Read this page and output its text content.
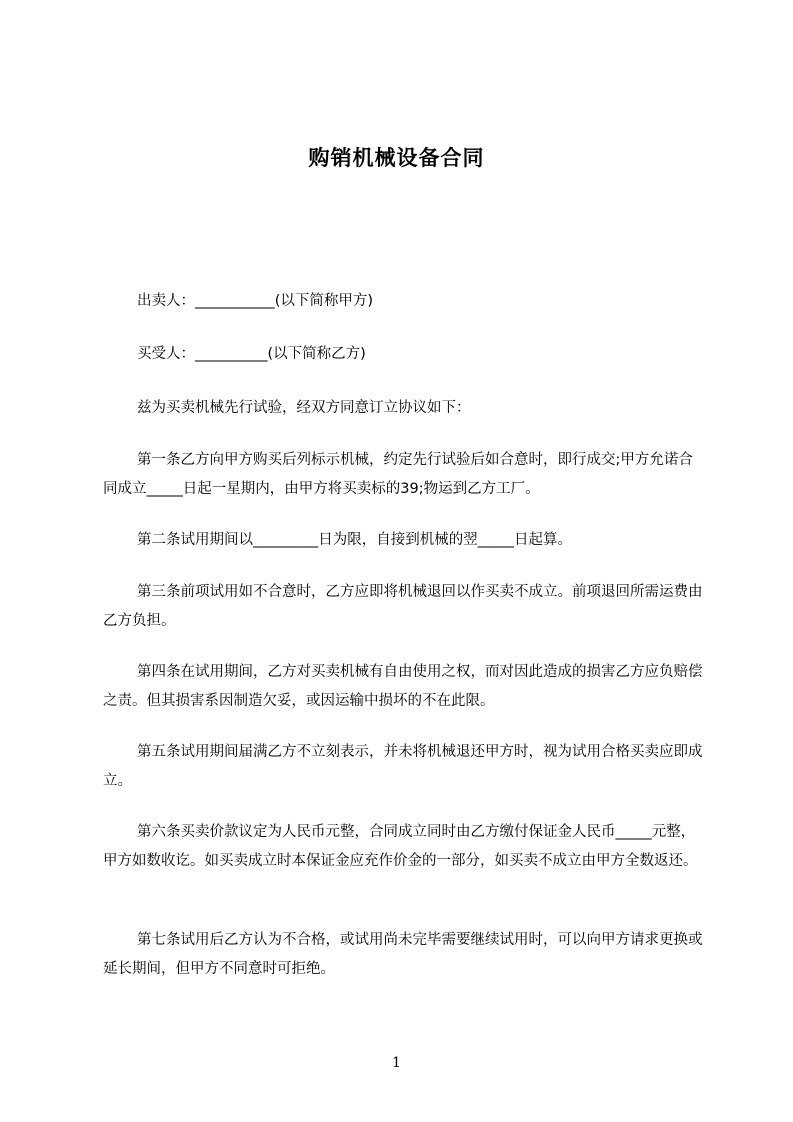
购销机械设备合同
出卖人：___________(以下简称甲方)
买受人：__________(以下简称乙方)
兹为买卖机械先行试验，经双方同意订立协议如下：
第一条乙方向甲方购买后列标示机械，约定先行试验后如合意时，即行成交;甲方允诺合同成立_____日起一星期内，由甲方将买卖标的39;物运到乙方工厂。
第二条试用期间以_________日为限，自接到机械的翌_____日起算。
第三条前项试用如不合意时，乙方应即将机械退回以作买卖不成立。前项退回所需运费由乙方负担。
第四条在试用期间，乙方对买卖机械有自由使用之权，而对因此造成的损害乙方应负赔偿之责。但其损害系因制造欠妥，或因运输中损坏的不在此限。
第五条试用期间届满乙方不立刻表示，并未将机械退还甲方时，视为试用合格买卖应即成立。
第六条买卖价款议定为人民币元整，合同成立同时由乙方缴付保证金人民币_____元整，甲方如数收讫。如买卖成立时本保证金应充作价金的一部分，如买卖不成立由甲方全数返还。
第七条试用后乙方认为不合格，或试用尚未完毕需要继续试用时，可以向甲方请求更换或延长期间，但甲方不同意时可拒绝。
1
